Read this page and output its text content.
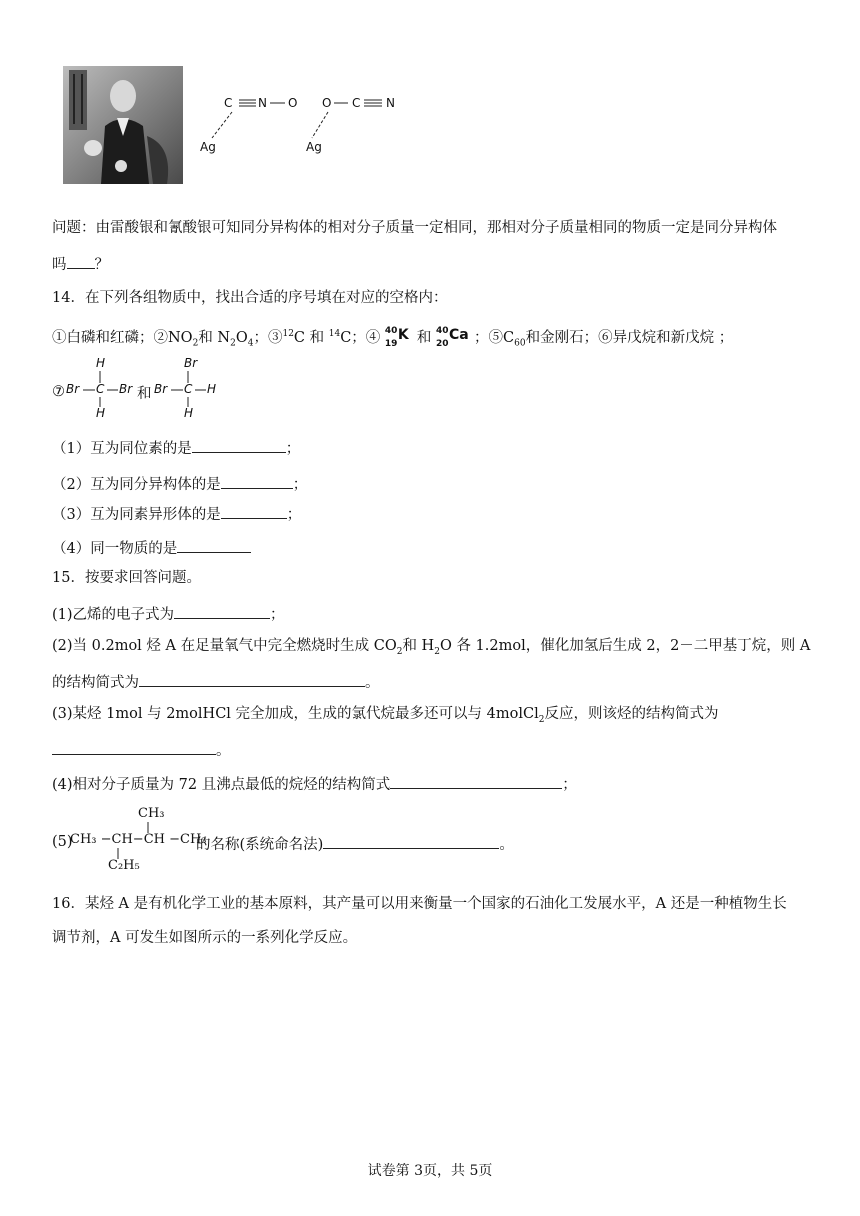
C N O
Ag
O C N
Ag
问题：由雷酸银和氰酸银可知同分异构体的相对分子质量一定相同，那相对分子质量相同的物质一定是同分异构体
吗 ？
14．在下列各组物质中，找出合适的序号填在对应的空格内：
①白磷和红磷；$②NO_2$和 $N_2O_4$；③$^{12}$C 和 $^{14}$C；④ 40
19
K 和 40
20
Ca ；$⑤C_{60}$和金刚石；⑥异戊烷和新戊烷 ；
⑦
H
Br C Br
H
和
Br
Br C H
H
（1）互为同位素的是	；
（2）互为同分异构体的是	；
（3）互为同素异形体的是	；
（4）同一物质的是
15．按要求回答问题。
(1)乙烯的电子式为	；
(2)当 0.2mol 烃 A 在足量氧气中完全燃烧时生成 $CO_2$和 $H_2O$ 各 1.2mol，催化加氢后生成 2，2－二甲基丁烷，则 A
的结构简式为	。
(3)某烃 1mol 与 2molHCl 完全加成，生成的氯代烷最多还可以与 4molCl$_2$反应，则该烃的结构简式为
。
(4)相对分子质量为 72 且沸点最低的烷烃的结构简式	；
(5)
CH₃
CH₃ −CH−CH −CH₃
C₂H₅
的名称(系统命名法)	。
16．某烃 A 是有机化学工业的基本原料，其产量可以用来衡量一个国家的石油化工发展水平，A 还是一种植物生长
调节剂，A 可发生如图所示的一系列化学反应。
试卷第 3页，共 5页
